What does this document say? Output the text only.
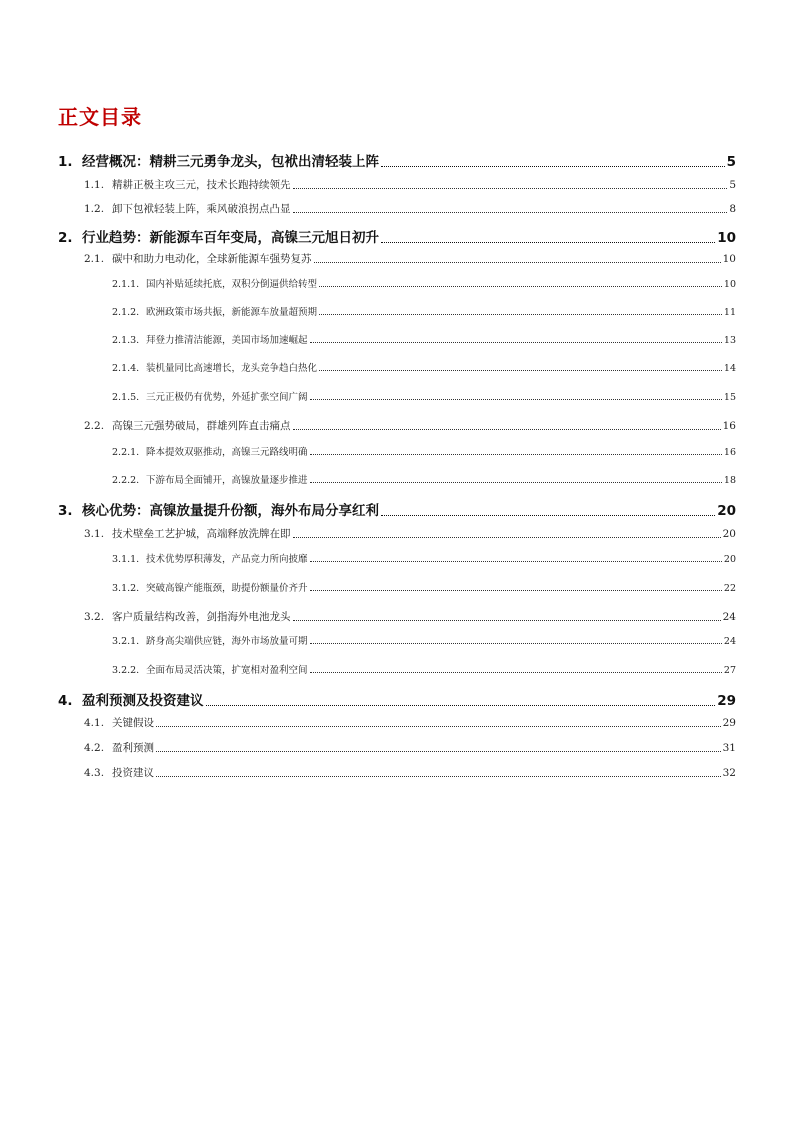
正文目录
1. 经营概况：精耕三元勇争龙头，包袱出清轻装上阵	5
1.1. 精耕正极主攻三元，技术长跑持续领先	5
1.2. 卸下包袱轻装上阵，乘风破浪拐点凸显	8
2. 行业趋势：新能源车百年变局，高镍三元旭日初升	10
2.1. 碳中和助力电动化，全球新能源车强势复苏	10
2.1.1. 国内补贴延续托底，双积分倒逼供给转型	10
2.1.2. 欧洲政策市场共振，新能源车放量超预期	11
2.1.3. 拜登力推清洁能源，美国市场加速崛起	13
2.1.4. 装机量同比高速增长，龙头竞争趋白热化	14
2.1.5. 三元正极仍有优势，外延扩张空间广阔	15
2.2. 高镍三元强势破局，群雄列阵直击痛点	16
2.2.1. 降本提效双驱推动，高镍三元路线明确	16
2.2.2. 下游布局全面铺开，高镍放量逐步推进	18
3. 核心优势：高镍放量提升份额，海外布局分享红利	20
3.1. 技术壁垒工艺护城，高端释放洗牌在即	20
3.1.1. 技术优势厚积薄发，产品竞力所向披靡	20
3.1.2. 突破高镍产能瓶颈，助提份额量价齐升	22
3.2. 客户质量结构改善，剑指海外电池龙头	24
3.2.1. 跻身高尖端供应链，海外市场放量可期	24
3.2.2. 全面布局灵活决策，扩宽相对盈利空间	27
4. 盈利预测及投资建议	29
4.1. 关键假设	29
4.2. 盈利预测	31
4.3. 投资建议	32
